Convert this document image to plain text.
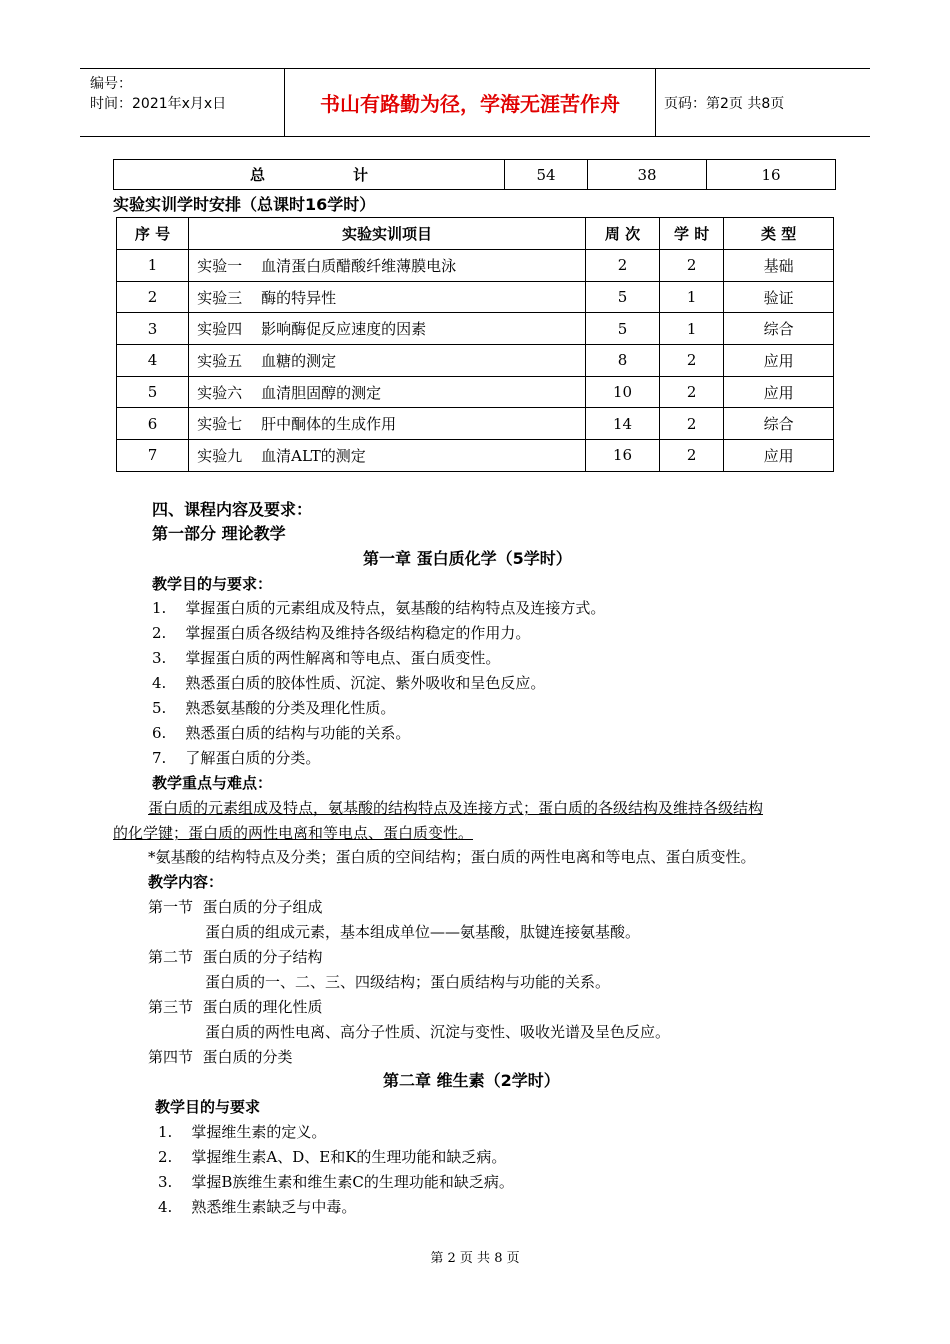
编号：
时间：2021年x月x日	书山有路勤为径，学海无涯苦作舟	页码：第2页 共8页
总	计	54	38	16
实验实训学时安排（总课时16学时）
序 号	实验实训项目	周 次	学 时	类 型
1	实验一    血清蛋白质醋酸纤维薄膜电泳	2	2	基础
2	实验三    酶的特异性	5	1	验证
3	实验四    影响酶促反应速度的因素	5	1	综合
4	实验五    血糖的测定	8	2	应用
5	实验六    血清胆固醇的测定	10	2	应用
6	实验七    肝中酮体的生成作用	14	2	综合
7	实验九    血清ALT的测定	16	2	应用
四、课程内容及要求：
第一部分 理论教学
第一章 蛋白质化学（5学时）
教学目的与要求：
1.    掌握蛋白质的元素组成及特点，氨基酸的结构特点及连接方式。
2.    掌握蛋白质各级结构及维持各级结构稳定的作用力。
3.    掌握蛋白质的两性解离和等电点、蛋白质变性。
4.    熟悉蛋白质的胶体性质、沉淀、紫外吸收和呈色反应。
5.    熟悉氨基酸的分类及理化性质。
6.    熟悉蛋白质的结构与功能的关系。
7.    了解蛋白质的分类。
教学重点与难点：
蛋白质的元素组成及特点，氨基酸的结构特点及连接方式；蛋白质的各级结构及维持各级结构
的化学键；蛋白质的两性电离和等电点、蛋白质变性。
*氨基酸的结构特点及分类；蛋白质的空间结构；蛋白质的两性电离和等电点、蛋白质变性。
教学内容：
第一节  蛋白质的分子组成
蛋白质的组成元素，基本组成单位——氨基酸，肽键连接氨基酸。
第二节  蛋白质的分子结构
蛋白质的一、二、三、四级结构；蛋白质结构与功能的关系。
第三节  蛋白质的理化性质
蛋白质的两性电离、高分子性质、沉淀与变性、吸收光谱及呈色反应。
第四节  蛋白质的分类
第二章 维生素（2学时）
教学目的与要求
1.    掌握维生素的定义。
2.    掌握维生素A、D、E和K的生理功能和缺乏病。
3.    掌握B族维生素和维生素C的生理功能和缺乏病。
4.    熟悉维生素缺乏与中毒。
第 2 页 共 8 页
